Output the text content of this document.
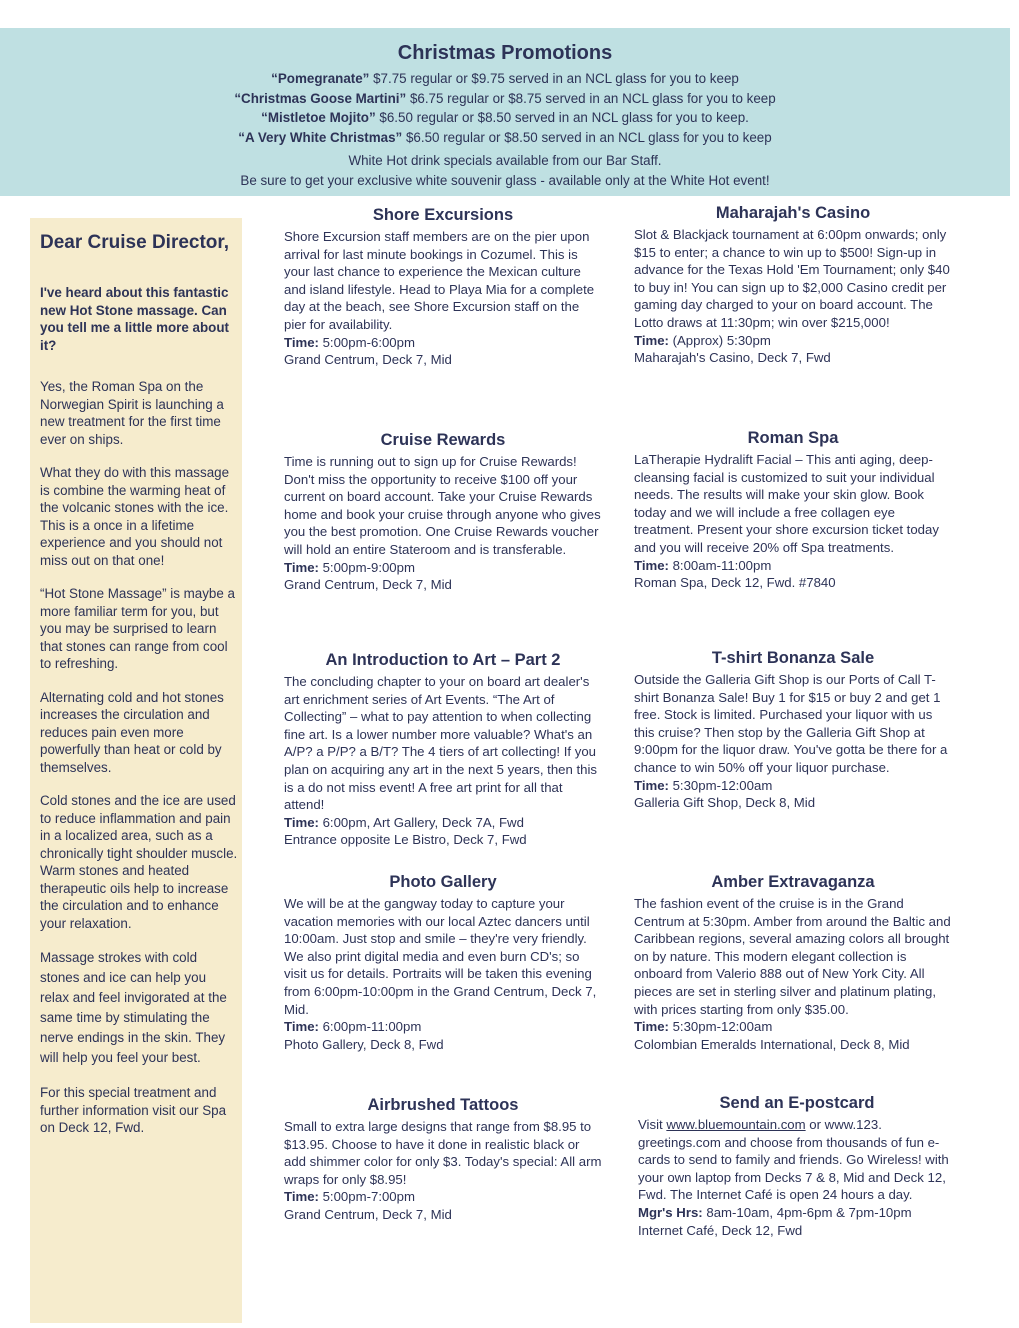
Christmas Promotions
“Pomegranate” $7.75 regular or $9.75 served in an NCL glass for you to keep
“Christmas Goose Martini” $6.75 regular or $8.75 served in an NCL glass for you to keep
“Mistletoe Mojito” $6.50 regular or $8.50 served in an NCL glass for you to keep.
“A Very White Christmas” $6.50 regular or $8.50 served in an NCL glass for you to keep
White Hot drink specials available from our Bar Staff.
Be sure to get your exclusive white souvenir glass - available only at the White Hot event!
Dear Cruise Director,
I've heard about this fantastic new Hot Stone massage. Can you tell me a little more about it?

Yes, the Roman Spa on the Norwegian Spirit is launching a new treatment for the first time ever on ships.

What they do with this massage is combine the warming heat of the volcanic stones with the ice. This is a once in a lifetime experience and you should not miss out on that one!

“Hot Stone Massage” is maybe a more familiar term for you, but you may be surprised to learn that stones can range from cool to refreshing.

Alternating cold and hot stones increases the circulation and reduces pain even more powerfully than heat or cold by themselves.

Cold stones and the ice are used to reduce inflammation and pain in a localized area, such as a chronically tight shoulder muscle.

Warm stones and heated therapeutic oils help to increase the circulation and to enhance your relaxation.

Massage strokes with cold stones and ice can help you relax and feel invigorated at the same time by stimulating the nerve endings in the skin. They will help you feel your best.

For this special treatment and further information visit our Spa on Deck 12, Fwd.

Shore Excursions

Shore Excursion staff members are on the pier upon arrival for last minute bookings in Cozumel. This is your last chance to experience the Mexican culture and island lifestyle. Head to Playa Mia for a complete day at the beach, see Shore Excursion staff on the pier for availability.

Time: 5:00pm-6:00pm

Grand Centrum, Deck 7, Mid

Cruise Rewards

Time is running out to sign up for Cruise Rewards! Don't miss the opportunity to receive $100 off your current on board account. Take your Cruise Rewards home and book your cruise through anyone who gives you the best promotion. One Cruise Rewards voucher will hold an entire Stateroom and is transferable.

Time: 5:00pm-9:00pm

Grand Centrum, Deck 7, Mid

An Introduction to Art – Part 2

The concluding chapter to your on board art dealer's art enrichment series of Art Events. “The Art of Collecting” – what to pay attention to when collecting fine art. Is a lower number more valuable? What's an A/P? a P/P? a B/T? The 4 tiers of art collecting! If you plan on acquiring any art in the next 5 years, then this is a do not miss event! A free art print for all that attend!

Time: 6:00pm, Art Gallery, Deck 7A, Fwd

Entrance opposite Le Bistro, Deck 7, Fwd

Photo Gallery

We will be at the gangway today to capture your vacation memories with our local Aztec dancers until 10:00am. Just stop and smile – they're very friendly. We also print digital media and even burn CD's; so visit us for details. Portraits will be taken this evening from 6:00pm-10:00pm in the Grand Centrum, Deck 7, Mid.

Time: 6:00pm-11:00pm

Photo Gallery, Deck 8, Fwd

Airbrushed Tattoos

Small to extra large designs that range from $8.95 to $13.95. Choose to have it done in realistic black or add shimmer color for only $3. Today's special: All arm wraps for only $8.95!

Time: 5:00pm-7:00pm

Grand Centrum, Deck 7, Mid

Maharajah's Casino

Slot & Blackjack tournament at 6:00pm onwards; only $15 to enter; a chance to win up to $500! Sign-up in advance for the Texas Hold 'Em Tournament; only $40 to buy in! You can sign up to $2,000 Casino credit per gaming day charged to your on board account. The Lotto draws at 11:30pm; win over $215,000!

Time: (Approx) 5:30pm

Maharajah's Casino, Deck 7, Fwd

Roman Spa

LaTherapie Hydralift Facial – This anti aging, deep-cleansing facial is customized to suit your individual needs. The results will make your skin glow. Book today and we will include a free collagen eye treatment. Present your shore excursion ticket today and you will receive 20% off Spa treatments.

Time: 8:00am-11:00pm

Roman Spa, Deck 12, Fwd. #7840

T-shirt Bonanza Sale

Outside the Galleria Gift Shop is our Ports of Call T-shirt Bonanza Sale! Buy 1 for $15 or buy 2 and get 1 free. Stock is limited. Purchased your liquor with us this cruise? Then stop by the Galleria Gift Shop at 9:00pm for the liquor draw. You've gotta be there for a chance to win 50% off your liquor purchase.

Time: 5:30pm-12:00am

Galleria Gift Shop, Deck 8, Mid

Amber Extravaganza

The fashion event of the cruise is in the Grand Centrum at 5:30pm. Amber from around the Baltic and Caribbean regions, several amazing colors all brought on by nature. This modern elegant collection is onboard from Valerio 888 out of New York City. All pieces are set in sterling silver and platinum plating, with prices starting from only $35.00.

Time: 5:30pm-12:00am

Colombian Emeralds International, Deck 8, Mid

Send an E-postcard

Visit www.bluemountain.com or www.123. greetings.com and choose from thousands of fun e-cards to send to family and friends. Go Wireless! with your own laptop from Decks 7 & 8, Mid and Deck 12, Fwd. The Internet Café is open 24 hours a day.

Mgr's Hrs: 8am-10am, 4pm-6pm & 7pm-10pm

Internet Café, Deck 12, Fwd
